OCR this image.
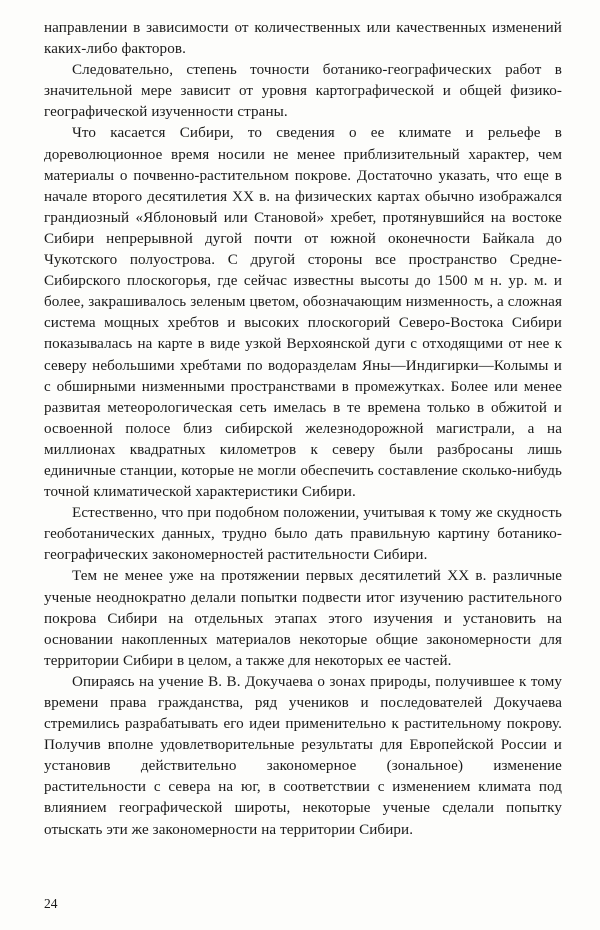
направлении в зависимости от количественных или качественных изменений каких-либо факторов.

Следовательно, степень точности ботанико-географических работ в значительной мере зависит от уровня картографической и общей физико-географической изученности страны.

Что касается Сибири, то сведения о ее климате и рельефе в дореволюционное время носили не менее приблизительный характер, чем материалы о почвенно-растительном покрове. Достаточно указать, что еще в начале второго десятилетия XX в. на физических картах обычно изображался грандиозный «Яблоновый или Становой» хребет, протянувшийся на востоке Сибири непрерывной дугой почти от южной оконечности Байкала до Чукотского полуострова. С другой стороны все пространство Средне-Сибирского плоскогорья, где сейчас известны высоты до 1500 м н. ур. м. и более, закрашивалось зеленым цветом, обозначающим низменность, а сложная система мощных хребтов и высоких плоскогорий Северо-Востока Сибири показывалась на карте в виде узкой Верхоянской дуги с отходящими от нее к северу небольшими хребтами по водоразделам Яны—Индигирки—Колымы и с обширными низменными пространствами в промежутках. Более или менее развитая метеорологическая сеть имелась в те времена только в обжитой и освоенной полосе близ сибирской железнодорожной магистрали, а на миллионах квадратных километров к северу были разбросаны лишь единичные станции, которые не могли обеспечить составление сколько-нибудь точной климатической характеристики Сибири.

Естественно, что при подобном положении, учитывая к тому же скудность геоботанических данных, трудно было дать правильную картину ботанико-географических закономерностей растительности Сибири.

Тем не менее уже на протяжении первых десятилетий XX в. различные ученые неоднократно делали попытки подвести итог изучению растительного покрова Сибири на отдельных этапах этого изучения и установить на основании накопленных материалов некоторые общие закономерности для территории Сибири в целом, а также для некоторых ее частей.

Опираясь на учение В. В. Докучаева о зонах природы, получившее к тому времени права гражданства, ряд учеников и последователей Докучаева стремились разрабатывать его идеи применительно к растительному покрову. Получив вполне удовлетворительные результаты для Европейской России и установив действительно закономерное (зональное) изменение растительности с севера на юг, в соответствии с изменением климата под влиянием географической широты, некоторые ученые сделали попытку отыскать эти же закономерности на территории Сибири.

24
